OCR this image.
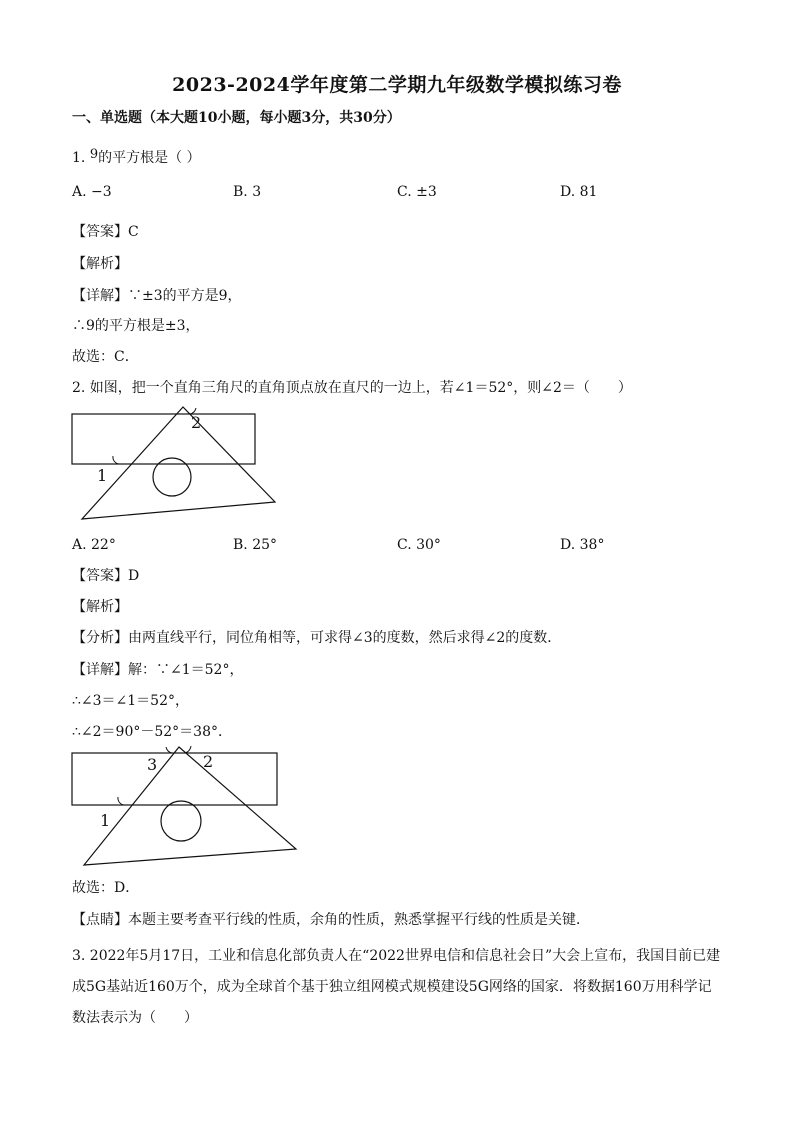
2023-2024学年度第二学期九年级数学模拟练习卷
一、单选题（本大题10小题，每小题3分，共30分）
1. 9的平方根是（ ）
A. −3	B. 3	C. ±3	D. 81
【答案】C
【解析】
【详解】∵±3的平方是9，
∴9的平方根是±3，
故选：C．
2. 如图，把一个直角三角尺的直角顶点放在直尺的一边上，若∠1＝52°，则∠2＝（　　）
2
1
A. 22°	B. 25°	C. 30°	D. 38°
【答案】D
【解析】
【分析】由两直线平行，同位角相等，可求得∠3的度数，然后求得∠2的度数．
【详解】解：∵∠1＝52°，
∴∠3＝∠1＝52°，
∴∠2＝90°－52°＝38°．
3	2
1
故选：D．
【点睛】本题主要考查平行线的性质，余角的性质，熟悉掌握平行线的性质是关键．
3. 2022年5月17日，工业和信息化部负责人在“2022世界电信和信息社会日”大会上宣布，我国目前已建成5G基站近160万个，成为全球首个基于独立组网模式规模建设5G网络的国家．将数据160万用科学记数法表示为（　　）
